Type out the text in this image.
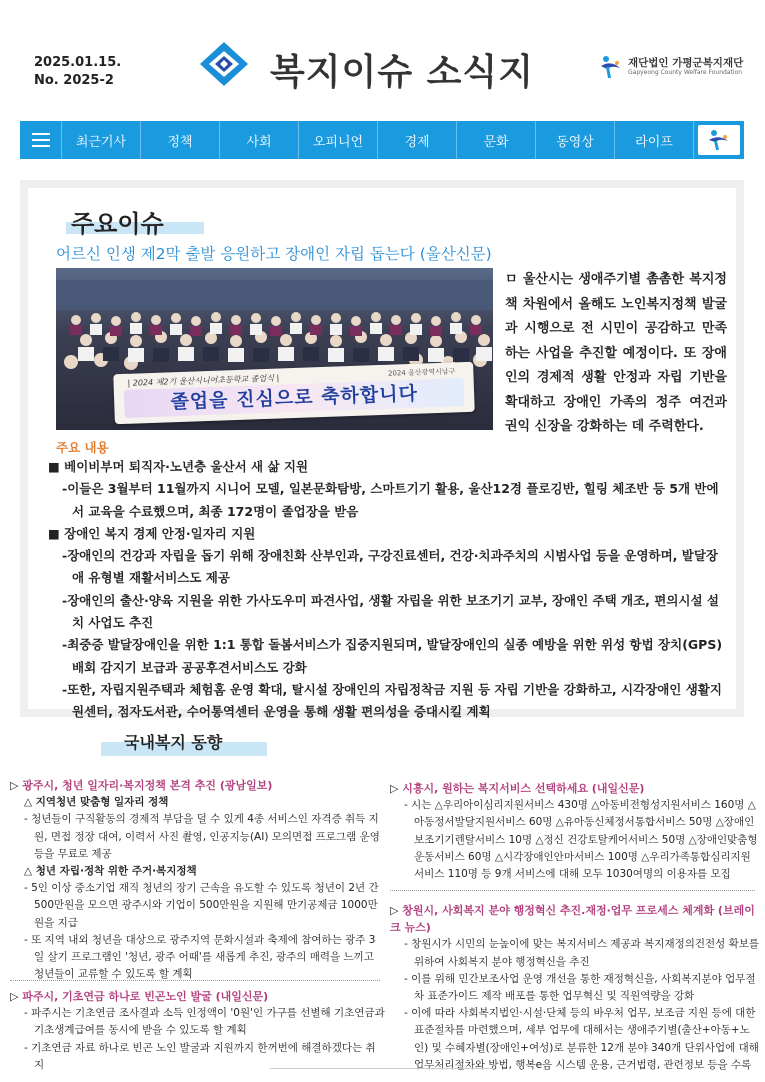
2025.01.15.
No. 2025-2	복지이슈 소식지	재단법인 가평군복지재단
Gapyeong County Welfare Foundation
최근기사	정책	사회	오피니언	경제	문화	동영상	라이프
주요이슈
어르신 인생 제2막 출발 응원하고 장애인 자립 돕는다 (울산신문)
| 2024 제2기 울산시니어초등학교 졸업식 |
2024 울산광역시남구
졸업을 진심으로 축하합니다
ㅁ 울산시는 생애주기별 촘촘한 복지정책 차원에서 올해도 노인복지정책 발굴과 시행으로 전 시민이 공감하고 만족하는 사업을 추진할 예정이다. 또 장애인의 경제적 생활 안정과 자립 기반을 확대하고 장애인 가족의 정주 여건과 권익 신장을 강화하는 데 주력한다.
주요 내용
■ 베이비부머 퇴직자·노년층 울산서 새 삶 지원
-이들은 3월부터 11월까지 시니어 모델, 일본문화탐방, 스마트기기 활용, 울산12경 플로깅반, 힐링 체조반 등 5개 반에서 교육을 수료했으며, 최종 172명이 졸업장을 받음
■ 장애인 복지 경제 안정·일자리 지원
-장애인의 건강과 자립을 돕기 위해 장애친화 산부인과, 구강진료센터, 건강·치과주치의 시범사업 등을 운영하며, 발달장애 유형별 재활서비스도 제공
-장애인의 출산·양육 지원을 위한 가사도우미 파견사업, 생활 자립을 위한 보조기기 교부, 장애인 주택 개조, 편의시설 설치 사업도 추진
-최중증 발달장애인을 위한 1:1 통합 돌봄서비스가 집중지원되며, 발달장애인의 실종 예방을 위한 위성 항법 장치(GPS) 배회 감지기 보급과 공공후견서비스도 강화
-또한, 자립지원주택과 체험홈 운영 확대, 탈시설 장애인의 자립정착금 지원 등 자립 기반을 강화하고, 시각장애인 생활지원센터, 점자도서관, 수어통역센터 운영을 통해 생활 편의성을 증대시킬 계획
국내복지 동향
▷ 광주시, 청년 일자리·복지정책 본격 추진 (광남일보)
△ 지역청년 맞춤형 일자리 정책
- 청년들이 구직활동의 경제적 부담을 덜 수 있게 4종 서비스인 자격증 취득 지원, 면접 정장 대여, 이력서 사진 촬영, 인공지능(AI) 모의면접 프로그램 운영 등을 무료로 제공
△ 청년 자립·정착 위한 주거·복지정책
- 5인 이상 중소기업 재직 청년의 장기 근속을 유도할 수 있도록 청년이 2년 간 500만원을 모으면 광주시와 기업이 500만원을 지원해 만기공제금 1000만원을 지급
- 또 지역 내외 청년을 대상으로 광주지역 문화시설과 축제에 참여하는 광주 3일 살기 프로그램인 '청년, 광주 어때'를 새롭게 추진, 광주의 매력을 느끼고 청년들이 교류할 수 있도록 할 계획
▷ 파주시, 기초연금 하나로 빈곤노인 발굴 (내일신문)
- 파주시는 기초연금 조사결과 소득 인정액이 '0원'인 가구를 선별해 기초연금과 기초생계급여를 동시에 받을 수 있도록 할 계획
- 기초연금 자료 하나로 빈곤 노인 발굴과 지원까지 한꺼번에 해결하겠다는 취지
▷ 시흥시, 원하는 복지서비스 선택하세요 (내일신문)
- 시는 △우리아이심리지원서비스 430명 △아동비전형성지원서비스 160명 △아동정서발달지원서비스 60명 △유아동신체정서통합서비스 50명 △장애인보조기기렌탈서비스 10명 △정신 건강토탈케어서비스 50명 △장애인맞춤형운동서비스 60명 △시각장애인안마서비스 100명 △우리가족통합심리지원서비스 110명 등 9개 서비스에 대해 모두 1030여명의 이용자를 모집
▷ 창원시, 사회복지 분야 행정혁신 추진.재정·업무 프로세스 체계화 (브레이크 뉴스)
- 창원시가 시민의 눈높이에 맞는 복지서비스 제공과 복지재정의건전성 확보를 위하여 사회복지 분야 행정혁신을 추진
- 이를 위해 민간보조사업 운영 개선을 통한 재정혁신을, 사회복지분야 업무절차 표준가이드 제작 배포를 통한 업무혁신 및 직원역량을 강화
- 이에 따라 사회복지법인·시설·단체 등의 바우처 업무, 보조금 지원 등에 대한 표준절차를 마련했으며, 세부 업무에 대해서는 생애주기별(출산+아동+노인) 및 수혜자별(장애인+여성)로 분류한 12개 분야 340개 단위사업에 대해 업무처리절차와 방법, 행복e음 시스템 운용, 근거법령, 관련정보 등을 수록
